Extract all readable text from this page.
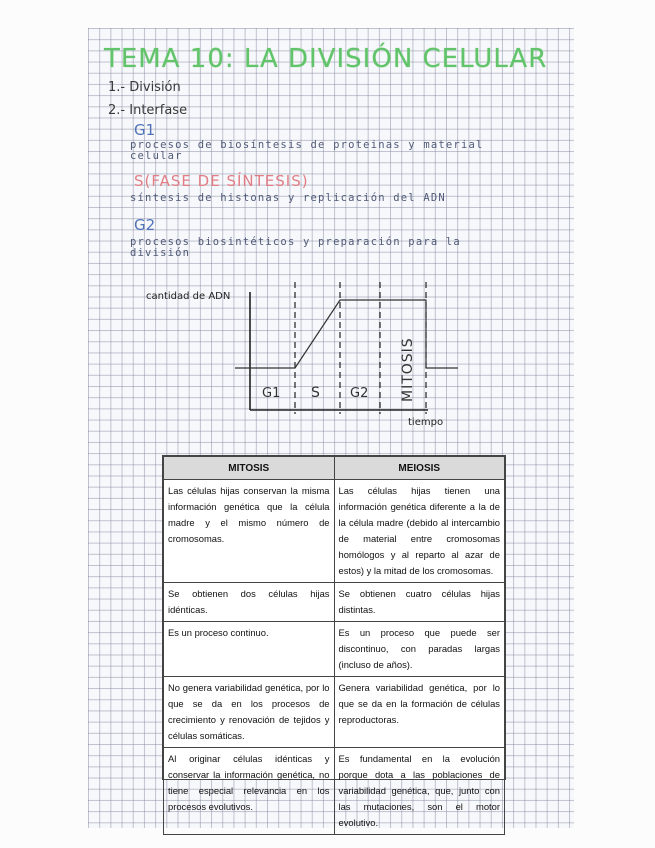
TEMA 10: LA DIVISIÓN CELULAR
1.- División
2.- Interfase
G1
procesos de biosíntesis de proteinas y material
celular
S(FASE DE SÍNTESIS)
síntesis de histonas y replicación del ADN
G2
procesos biosintéticos y preparación para la
división
cantidad de ADN
tiempo
G1 S G2 MITOSIS
MITOSIS	MEIOSIS
Las células hijas conservan la misma información genética que la célula madre y el mismo número de cromosomas.	Las células hijas tienen una información genética diferente a la de la célula madre (debido al intercambio de material entre cromosomas homólogos y al reparto al azar de estos) y la mitad de los cromosomas.
Se obtienen dos células hijas idénticas.	Se obtienen cuatro células hijas distintas.
Es un proceso continuo.	Es un proceso que puede ser discontinuo, con paradas largas (incluso de años).
No genera variabilidad genética, por lo que se da en los procesos de crecimiento y renovación de tejidos y células somáticas.	Genera variabilidad genética, por lo que se da en la formación de células reproductoras.
Al originar células idénticas y conservar la información genética, no tiene especial relevancia en los procesos evolutivos.	Es fundamental en la evolución porque dota a las poblaciones de variabilidad genética, que, junto con las mutaciones, son el motor evolutivo.
